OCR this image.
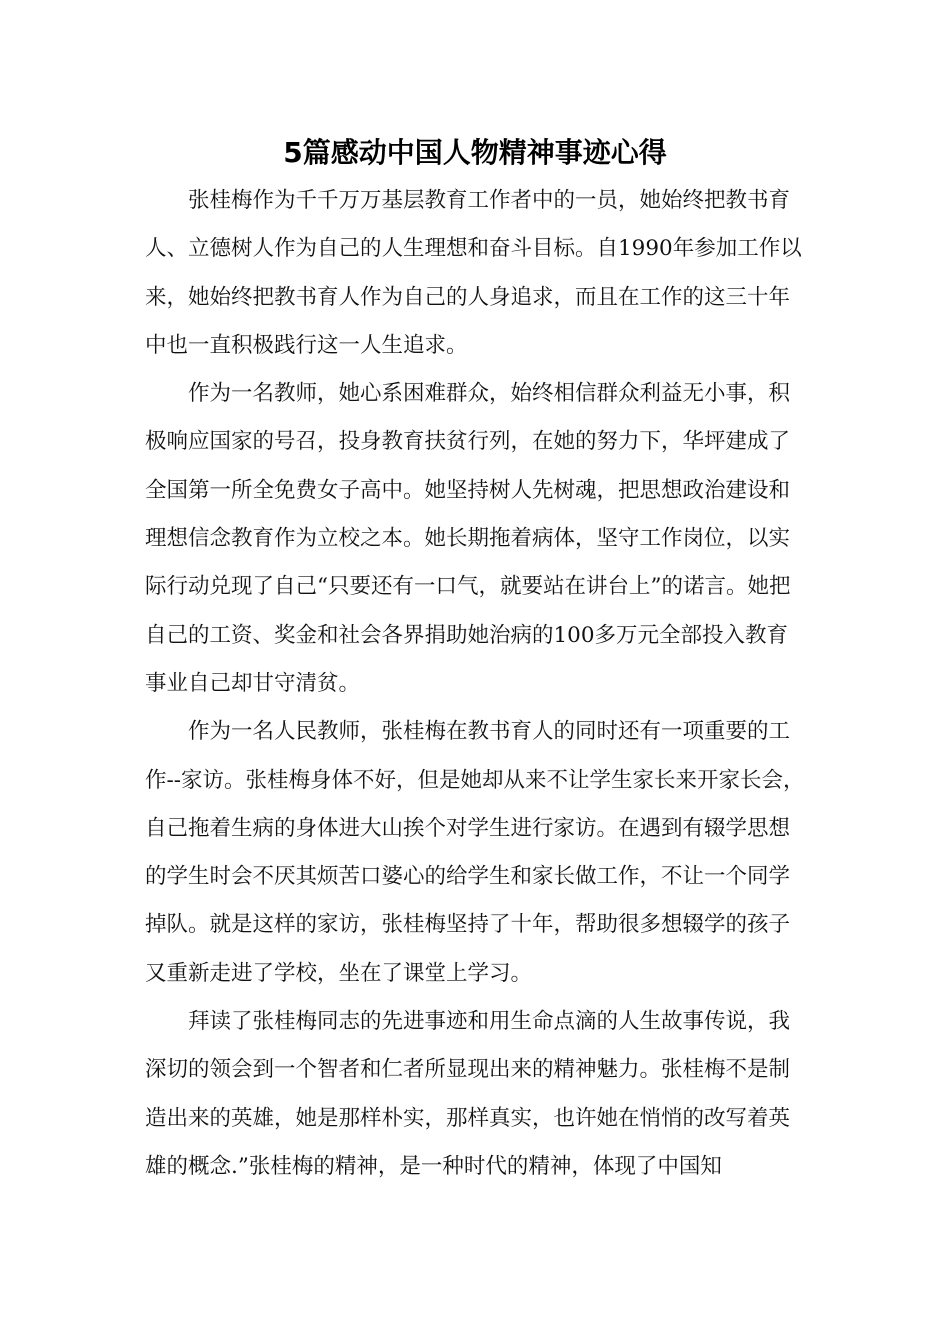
5篇感动中国人物精神事迹心得

张桂梅作为千千万万基层教育工作者中的一员，她始终把教书育人、立德树人作为自己的人生理想和奋斗目标。自1990年参加工作以来，她始终把教书育人作为自己的人身追求，而且在工作的这三十年中也一直积极践行这一人生追求。

作为一名教师，她心系困难群众，始终相信群众利益无小事，积极响应国家的号召，投身教育扶贫行列，在她的努力下，华坪建成了全国第一所全免费女子高中。她坚持树人先树魂，把思想政治建设和理想信念教育作为立校之本。她长期拖着病体，坚守工作岗位，以实际行动兑现了自己“只要还有一口气，就要站在讲台上”的诺言。她把自己的工资、奖金和社会各界捐助她治病的100多万元全部投入教育事业自己却甘守清贫。

作为一名人民教师，张桂梅在教书育人的同时还有一项重要的工作--家访。张桂梅身体不好，但是她却从来不让学生家长来开家长会，自己拖着生病的身体进大山挨个对学生进行家访。在遇到有辍学思想的学生时会不厌其烦苦口婆心的给学生和家长做工作，不让一个同学掉队。就是这样的家访，张桂梅坚持了十年，帮助很多想辍学的孩子又重新走进了学校，坐在了课堂上学习。

拜读了张桂梅同志的先进事迹和用生命点滴的人生故事传说，我深切的领会到一个智者和仁者所显现出来的精神魅力。张桂梅不是制造出来的英雄，她是那样朴实，那样真实，也许她在悄悄的改写着英雄的概念.”张桂梅的精神，是一种时代的精神，体现了中国知
